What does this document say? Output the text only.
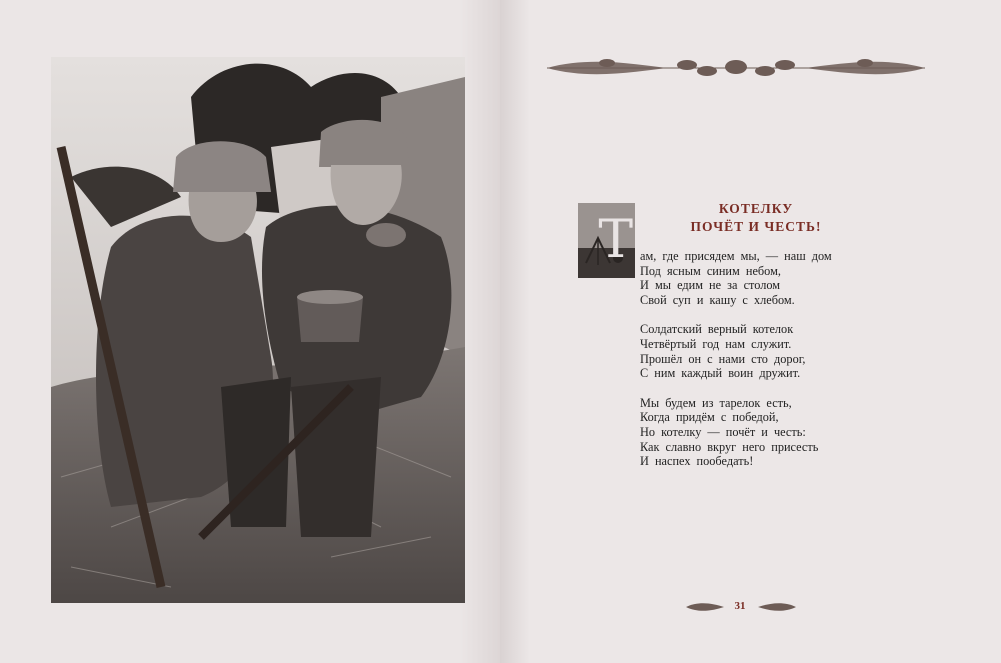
Т
КОТЕЛКУ
ПОЧЁТ И ЧЕСТЬ!
ам, где присядем мы, — наш дом
Под ясным синим небом,
И мы едим не за столом
Свой суп и кашу с хлебом.
Солдатский верный котелок
Четвёртый год нам служит.
Прошёл он с нами сто дорог,
С ним каждый воин дружит.
Мы будем из тарелок есть,
Когда придём с победой,
Но котелку — почёт и честь:
Как славно вкруг него присесть
И наспех пообедать!
31
